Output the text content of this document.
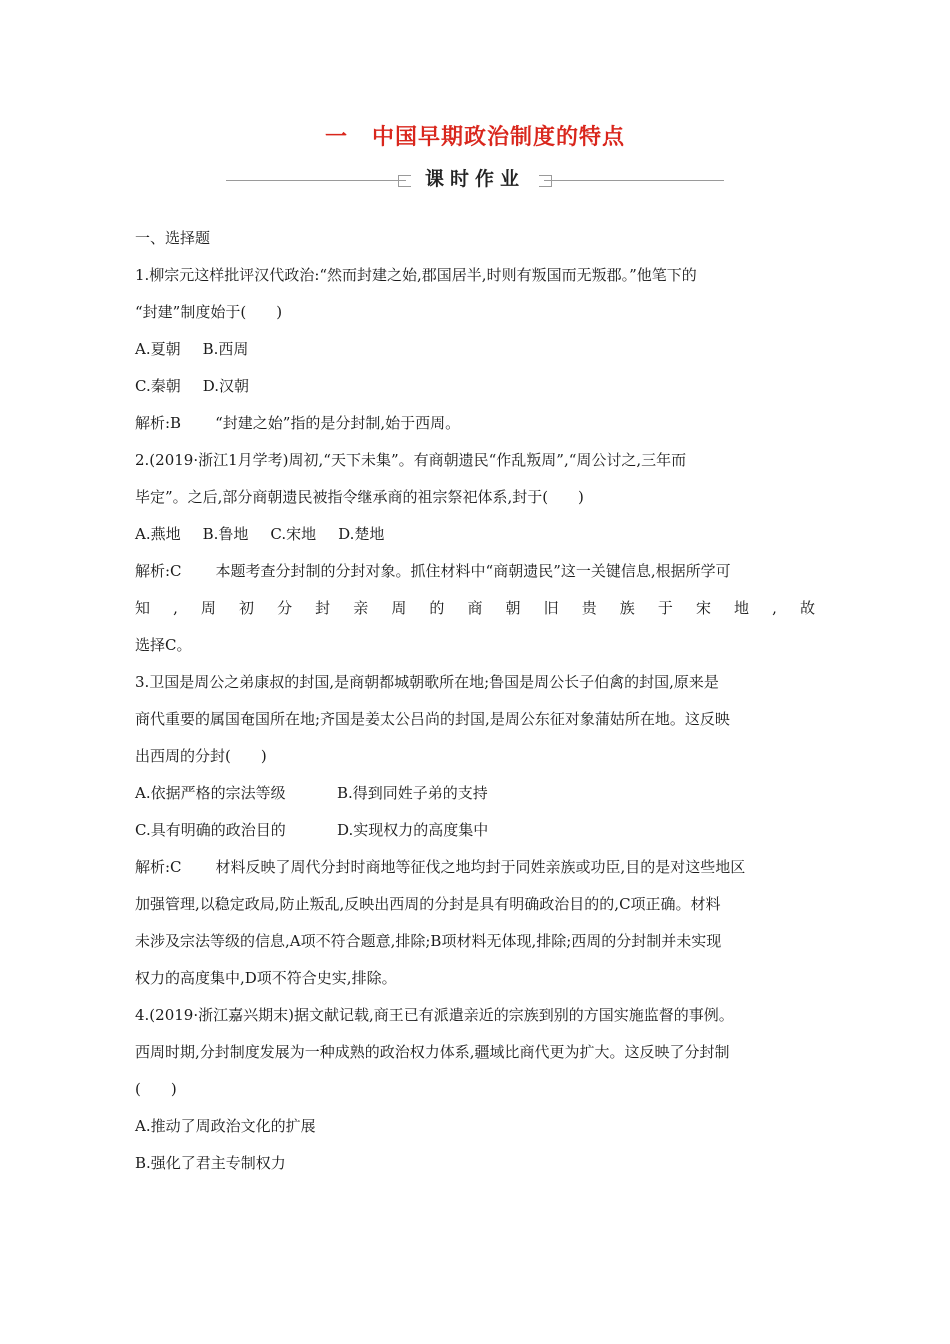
一 中国早期政治制度的特点
课时作业
一、选择题
1.柳宗元这样批评汉代政治:“然而封建之始,郡国居半,时则有叛国而无叛郡。”他笔下的
“封建”制度始于(　　)
A.夏朝 B.西周
C.秦朝 D.汉朝
解析:B “封建之始”指的是分封制,始于西周。
2.(2019·浙江1月学考)周初,“天下未集”。有商朝遗民“作乱叛周”,“周公讨之,三年而
毕定”。之后,部分商朝遗民被指令继承商的祖宗祭祀体系,封于(　　)
A.燕地 B.鲁地 C.宋地 D.楚地
解析:C 本题考查分封制的分封对象。抓住材料中“商朝遗民”这一关键信息,根据所学可
知 , 周 初 分 封 亲 周 的 商 朝 旧 贵 族 于 宋 地 , 故
选择C。
3.卫国是周公之弟康叔的封国,是商朝都城朝歌所在地;鲁国是周公长子伯禽的封国,原来是
商代重要的属国奄国所在地;齐国是姜太公吕尚的封国,是周公东征对象蒲姑所在地。这反映
出西周的分封(　　)
A.依据严格的宗法等级	B.得到同姓子弟的支持
C.具有明确的政治目的	D.实现权力的高度集中
解析:C 材料反映了周代分封时商地等征伐之地均封于同姓亲族或功臣,目的是对这些地区
加强管理,以稳定政局,防止叛乱,反映出西周的分封是具有明确政治目的的,C项正确。材料
未涉及宗法等级的信息,A项不符合题意,排除;B项材料无体现,排除;西周的分封制并未实现
权力的高度集中,D项不符合史实,排除。
4.(2019·浙江嘉兴期末)据文献记载,商王已有派遣亲近的宗族到别的方国实施监督的事例。
西周时期,分封制度发展为一种成熟的政治权力体系,疆域比商代更为扩大。这反映了分封制
(　　)
A.推动了周政治文化的扩展
B.强化了君主专制权力
